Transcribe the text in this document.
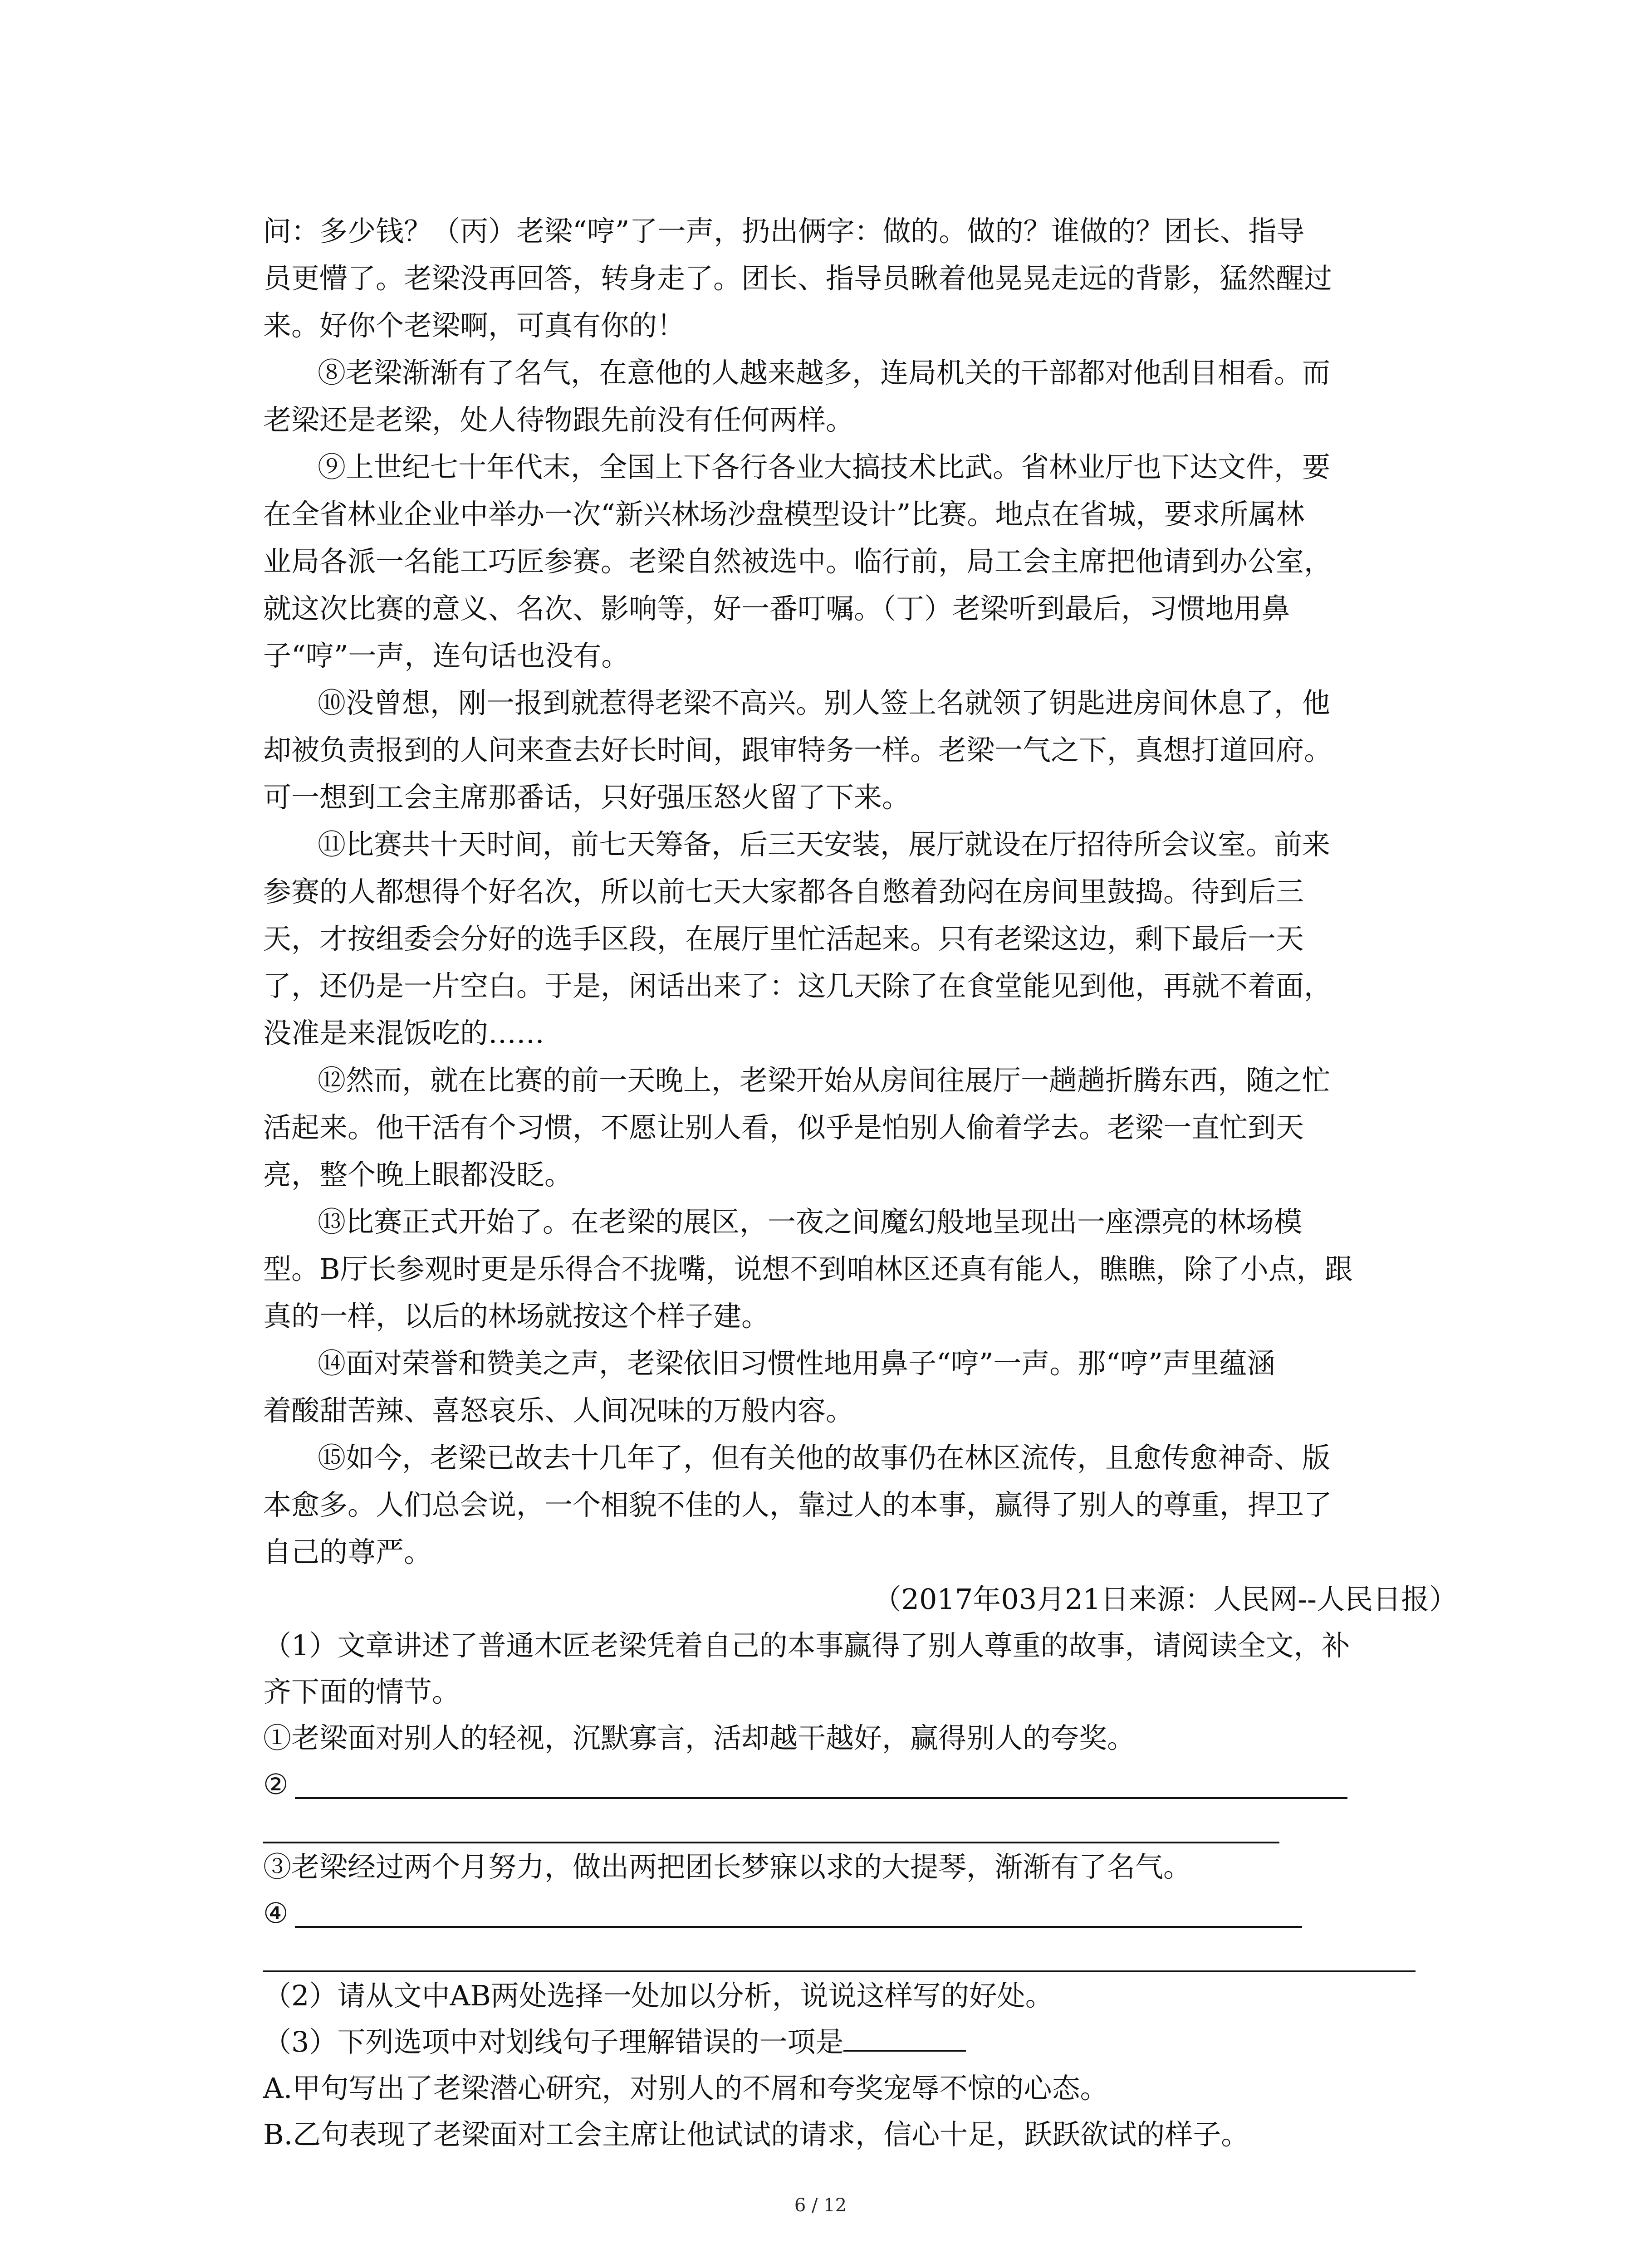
问：多少钱？（丙）老梁“哼”了一声，扔出俩字：做的。做的？谁做的？团长、指导
员更懵了。老梁没再回答，转身走了。团长、指导员瞅着他晃晃走远的背影，猛然醒过
来。好你个老梁啊，可真有你的！
⑧老梁渐渐有了名气，在意他的人越来越多，连局机关的干部都对他刮目相看。而
老梁还是老梁，处人待物跟先前没有任何两样。
⑨上世纪七十年代末，全国上下各行各业大搞技术比武。省林业厅也下达文件，要
在全省林业企业中举办一次“新兴林场沙盘模型设计”比赛。地点在省城，要求所属林
业局各派一名能工巧匠参赛。老梁自然被选中。临行前，局工会主席把他请到办公室，
就这次比赛的意义、名次、影响等，好一番叮嘱。（丁）老梁听到最后，习惯地用鼻
子“哼”一声，连句话也没有。
⑩没曾想，刚一报到就惹得老梁不高兴。别人签上名就领了钥匙进房间休息了，他
却被负责报到的人问来查去好长时间，跟审特务一样。老梁一气之下，真想打道回府。
可一想到工会主席那番话，只好强压怒火留了下来。
⑪比赛共十天时间，前七天筹备，后三天安装，展厅就设在厅招待所会议室。前来
参赛的人都想得个好名次，所以前七天大家都各自憋着劲闷在房间里鼓捣。待到后三
天，才按组委会分好的选手区段，在展厅里忙活起来。只有老梁这边，剩下最后一天
了，还仍是一片空白。于是，闲话出来了：这几天除了在食堂能见到他，再就不着面，
没准是来混饭吃的……
⑫然而，就在比赛的前一天晚上，老梁开始从房间往展厅一趟趟折腾东西，随之忙
活起来。他干活有个习惯，不愿让别人看，似乎是怕别人偷着学去。老梁一直忙到天
亮，整个晚上眼都没眨。
⑬比赛正式开始了。在老梁的展区，一夜之间魔幻般地呈现出一座漂亮的林场模
型。B厅长参观时更是乐得合不拢嘴，说想不到咱林区还真有能人，瞧瞧，除了小点，跟
真的一样，以后的林场就按这个样子建。
⑭面对荣誉和赞美之声，老梁依旧习惯性地用鼻子“哼”一声。那“哼”声里蕴涵
着酸甜苦辣、喜怒哀乐、人间况味的万般内容。
⑮如今，老梁已故去十几年了，但有关他的故事仍在林区流传，且愈传愈神奇、版
本愈多。人们总会说，一个相貌不佳的人，靠过人的本事，赢得了别人的尊重，捍卫了
自己的尊严。
（2017年03月21日来源：人民网--人民日报）
（1）文章讲述了普通木匠老梁凭着自己的本事赢得了别人尊重的故事，请阅读全文，补
齐下面的情节。
①老梁面对别人的轻视，沉默寡言，活却越干越好，赢得别人的夸奖。
②
③老梁经过两个月努力，做出两把团长梦寐以求的大提琴，渐渐有了名气。
④
（2）请从文中AB两处选择一处加以分析，说说这样写的好处。
（3）下列选项中对划线句子理解错误的一项是
A.甲句写出了老梁潜心研究，对别人的不屑和夸奖宠辱不惊的心态。
B.乙句表现了老梁面对工会主席让他试试的请求，信心十足，跃跃欲试的样子。
6 / 12
